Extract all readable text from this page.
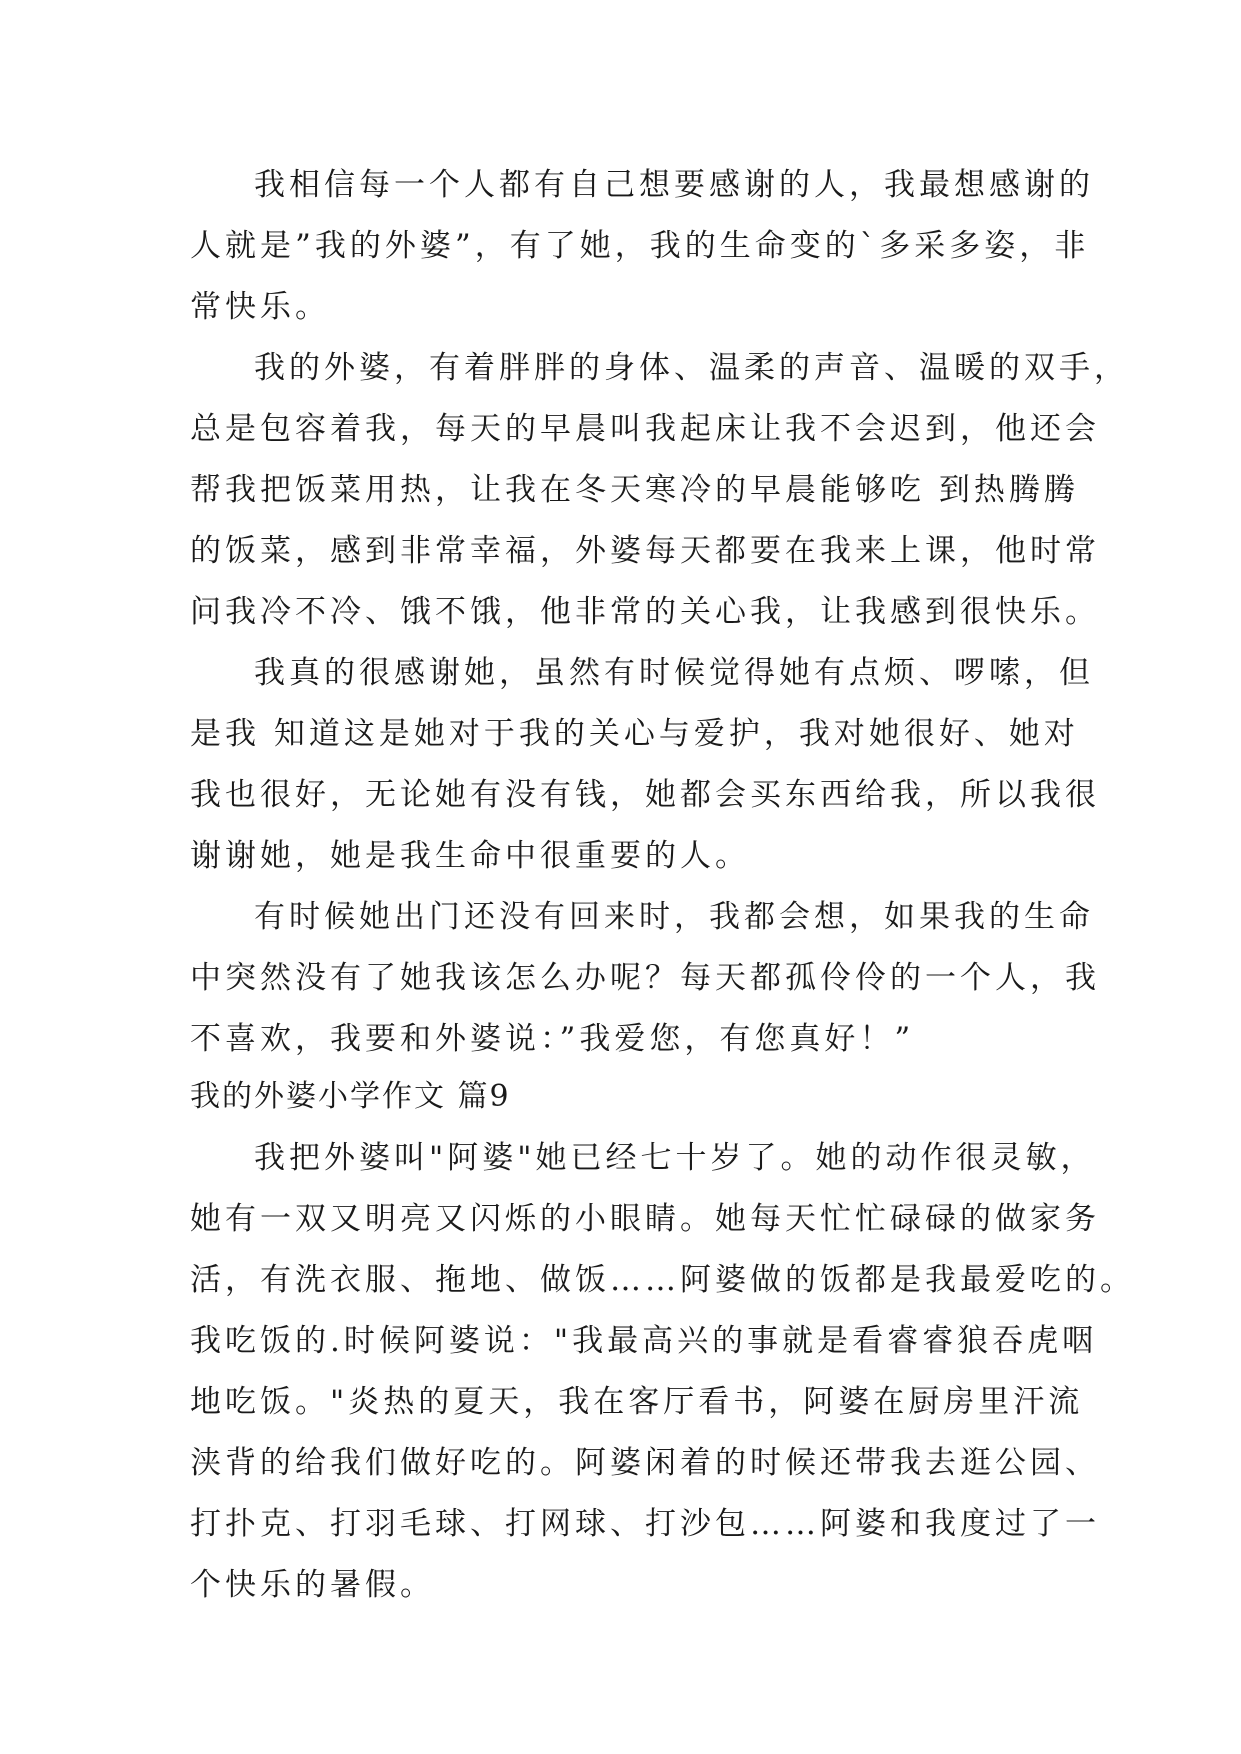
我相信每一个人都有自己想要感谢的人，我最想感谢的
人就是”我的外婆”，有了她，我的生命变的`多采多姿，非
常快乐。
我的外婆，有着胖胖的身体、温柔的声音、温暖的双手，
总是包容着我，每天的早晨叫我起床让我不会迟到，他还会
帮我把饭菜用热，让我在冬天寒冷的早晨能够吃 到热腾腾
的饭菜，感到非常幸福，外婆每天都要在我来上课，他时常
问我冷不冷、饿不饿，他非常的关心我，让我感到很快乐。
我真的很感谢她，虽然有时候觉得她有点烦、啰嗦，但
是我 知道这是她对于我的关心与爱护，我对她很好、她对
我也很好，无论她有没有钱，她都会买东西给我，所以我很
谢谢她，她是我生命中很重要的人。
有时候她出门还没有回来时，我都会想，如果我的生命
中突然没有了她我该怎么办呢？每天都孤伶伶的一个人，我
不喜欢，我要和外婆说：”我爱您，有您真好！”
我的外婆小学作文 篇9
我把外婆叫"阿婆"她已经七十岁了。她的动作很灵敏，
她有一双又明亮又闪烁的小眼睛。她每天忙忙碌碌的做家务
活，有洗衣服、拖地、做饭……阿婆做的饭都是我最爱吃的。
我吃饭的.时候阿婆说："我最高兴的事就是看睿睿狼吞虎咽
地吃饭。"炎热的夏天，我在客厅看书，阿婆在厨房里汗流
浃背的给我们做好吃的。阿婆闲着的时候还带我去逛公园、
打扑克、打羽毛球、打网球、打沙包……阿婆和我度过了一
个快乐的暑假。
